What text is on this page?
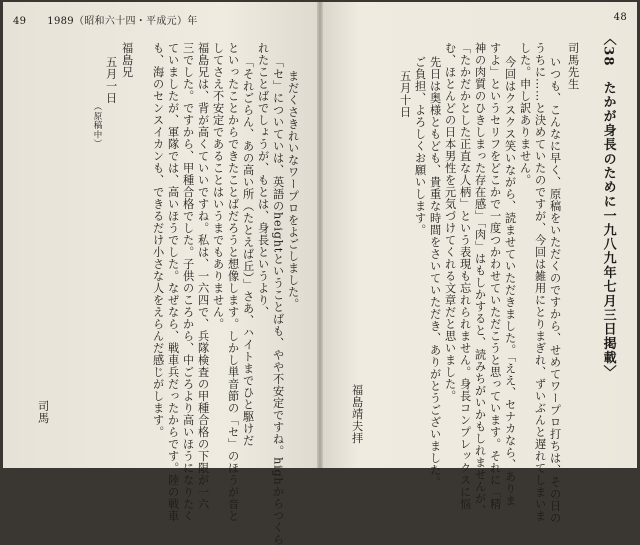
49 1989（昭和六十四・平成元）年	48
〈38　たかが身長のために一九八九年七月三日掲載〉
司馬先生
いつも、こんなに早く、原稿をいただくのですから、せめてワープロ打ちは、その日の
うちに……と決めていたのですが、今回は雑用にとりまぎれ、ずいぶんと遅れてしまいま
した。申し訳ありません。
今回はクスクス笑いながら、読ませていただきました。「ええ、セナカなら、ありま
すよ」というセリフをどこかで一度つかわせていただこうと思っています。それに「精
神の肉質のひきしまった存在感」「肉」はもしかすると、読みちがいかもしれませんが、
「たかだかとした正直な人柄」という表現も忘れられません。身長コンプレックスに悩
む、ほとんどの日本男性を元気づけてくれる文章だと思いました。
先日は奥様ともども、貴重な時間をさいていただき、ありがとうございました。
ご負担、よろしくお願いします。
五月十日
福島靖夫拝
まだくさきれいなワープロをよごしました。
「セ」についていは、英語のheightということばも、やや不安定ですね。highからつくら
れたことばでしょうが、もとは、身長というより、
「それごらん、あの高い所（たとえば丘）」さあ、ハイトまでひと駆けだ
といったことからできたことばだろうと想像します。しかし単音節の「セ」のほうが音と
してさえ不安定であることはいうまでもありません。
福島兄は、背が高くていいですね。私は、一六四で、兵隊検査の甲種合格の下限が一六
三でした。ですから、甲種合格でした。子供のころから、中ごろより高いほうになりたく
ていましたが、軍隊では、高いほうでした。なぜなら、戦車兵だったからです。陸の戦車
も、海のセンスイカンも、できるだけ小さな人をえらんだ感じがします。
福島兄
五月一日
（原稿中）
司馬
